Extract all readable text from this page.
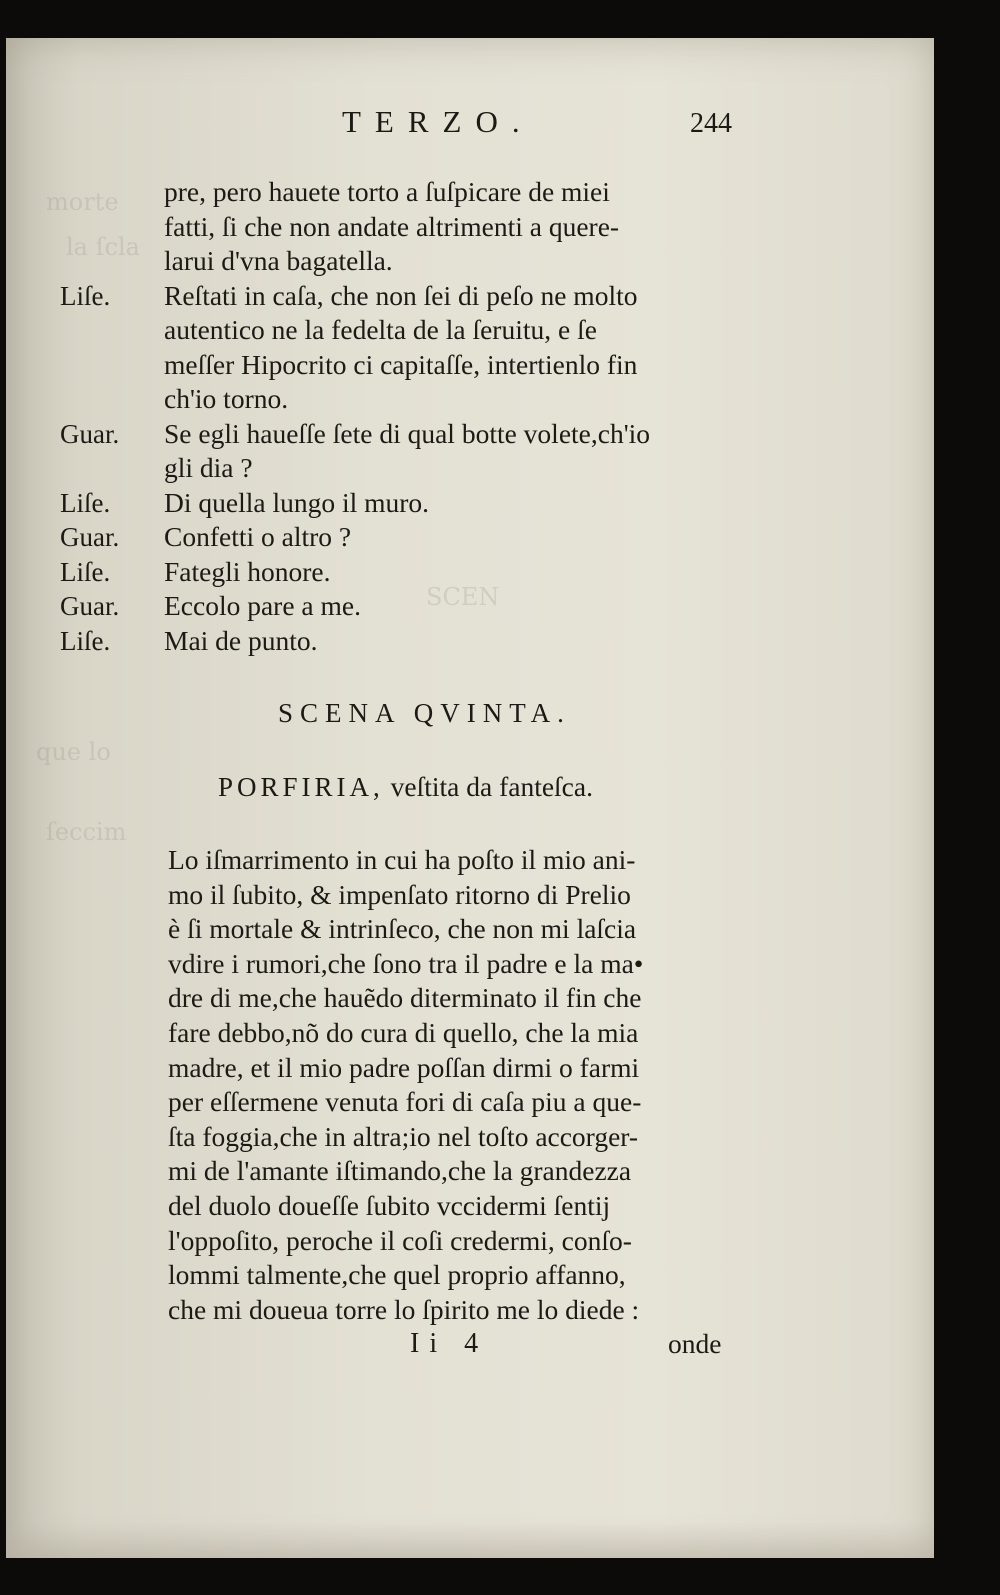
morte
la ſcla
que lo
ſeccim
SCEN
TERZO.	244
pre, pero hauete torto a ſuſpicare de miei
fatti, ſi che non andate altrimenti a quere-
larui d'vna bagatella.
Liſe.	Reſtati in caſa, che non ſei di peſo ne molto
autentico ne la fedelta de la ſeruitu, e ſe
meſſer Hipocrito ci capitaſſe, intertienlo fin
ch'io torno.
Guar.	Se egli haueſſe ſete di qual botte volete,ch'io
gli dia ?
Liſe.	Di quella lungo il muro.
Guar.	Confetti o altro ?
Liſe.	Fategli honore.
Guar.	Eccolo pare a me.
Liſe.	Mai de punto.
SCENA QVINTA.
PORFIRIA, veſtita da fanteſca.
Lo iſmarrimento in cui ha poſto il mio ani-
mo il ſubito, & impenſato ritorno di Prelio
è ſi mortale & intrinſeco, che non mi laſcia
vdire i rumori,che ſono tra il padre e la ma•
dre di me,che hauẽdo diterminato il fin che
fare debbo,nõ do cura di quello, che la mia
madre, et il mio padre poſſan dirmi o farmi
per eſſermene venuta fori di caſa piu a que-
ſta foggia,che in altra;io nel toſto accorger-
mi de l'amante iſtimando,che la grandezza
del duolo doueſſe ſubito vccidermi ſentij
l'oppoſito, peroche il coſi credermi, conſo-
lommi talmente,che quel proprio affanno,
che mi doueua torre lo ſpirito me lo diede :
Ii 4	onde
